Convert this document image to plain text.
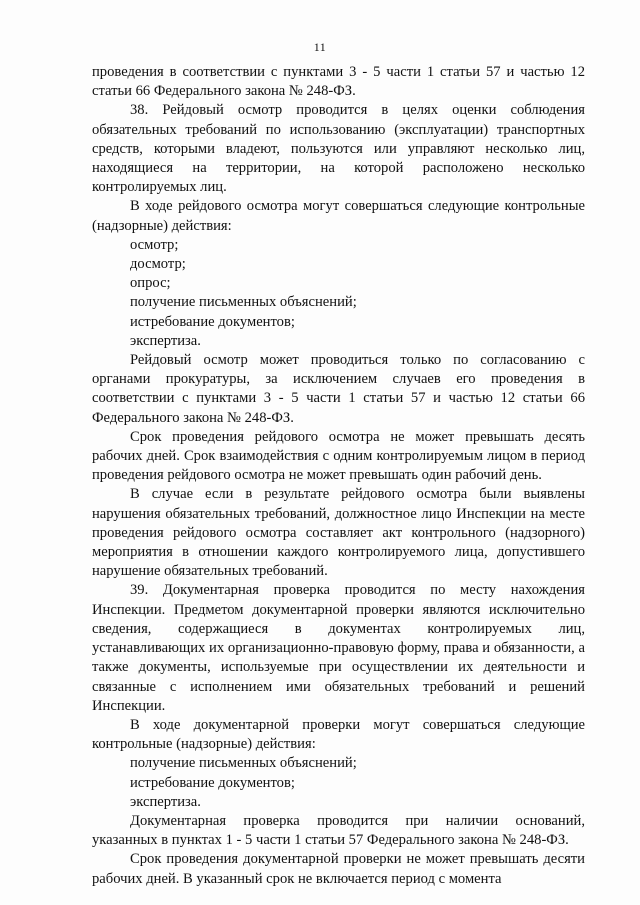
11

проведения в соответствии с пунктами 3 - 5 части 1 статьи 57 и частью 12 статьи 66 Федерального закона № 248-ФЗ.

38. Рейдовый осмотр проводится в целях оценки соблюдения обязательных требований по использованию (эксплуатации) транспортных средств, которыми владеют, пользуются или управляют несколько лиц, находящиеся на территории, на которой расположено несколько контролируемых лиц.

В ходе рейдового осмотра могут совершаться следующие контрольные (надзорные) действия:

осмотр;

досмотр;

опрос;

получение письменных объяснений;

истребование документов;

экспертиза.

Рейдовый осмотр может проводиться только по согласованию с органами прокуратуры, за исключением случаев его проведения в соответствии с пунктами 3 - 5 части 1 статьи 57 и частью 12 статьи 66 Федерального закона № 248-ФЗ.

Срок проведения рейдового осмотра не может превышать десять рабочих дней. Срок взаимодействия с одним контролируемым лицом в период проведения рейдового осмотра не может превышать один рабочий день.

В случае если в результате рейдового осмотра были выявлены нарушения обязательных требований, должностное лицо Инспекции на месте проведения рейдового осмотра составляет акт контрольного (надзорного) мероприятия в отношении каждого контролируемого лица, допустившего нарушение обязательных требований.

39. Документарная проверка проводится по месту нахождения Инспекции. Предметом документарной проверки являются исключительно сведения, содержащиеся в документах контролируемых лиц, устанавливающих их организационно-правовую форму, права и обязанности, а также документы, используемые при осуществлении их деятельности и связанные с исполнением ими обязательных требований и решений Инспекции.

В ходе документарной проверки могут совершаться следующие контрольные (надзорные) действия:

получение письменных объяснений;

истребование документов;

экспертиза.

Документарная проверка проводится при наличии оснований, указанных в пунктах 1 - 5 части 1 статьи 57 Федерального закона № 248-ФЗ.

Срок проведения документарной проверки не может превышать десяти рабочих дней. В указанный срок не включается период с момента
